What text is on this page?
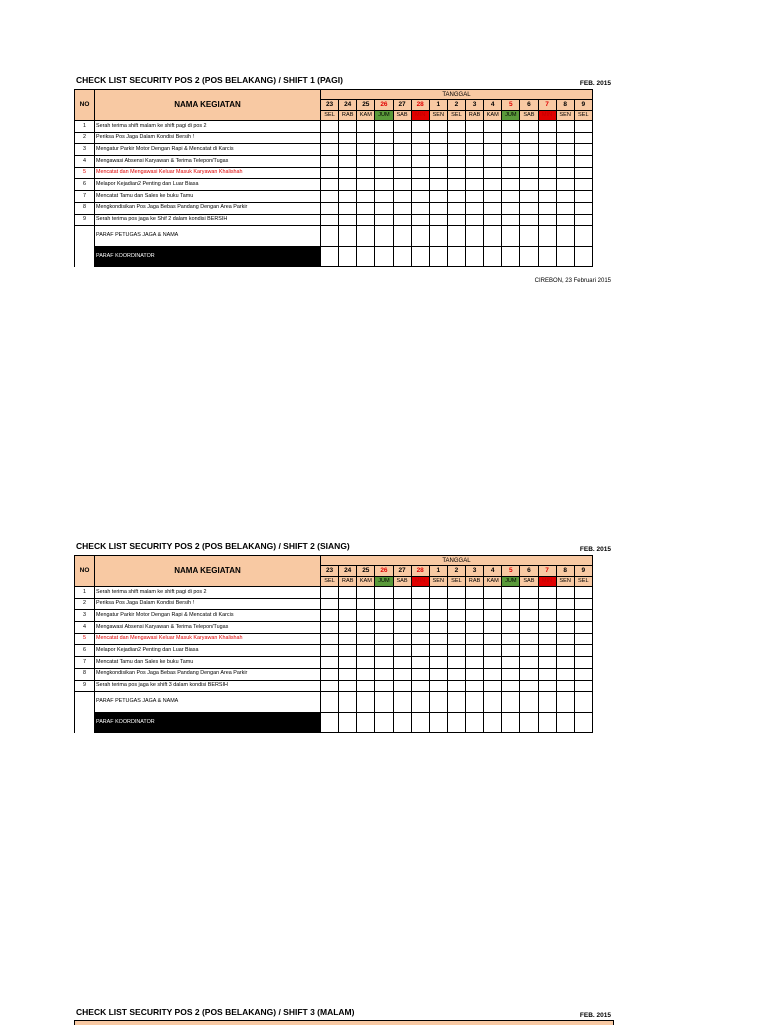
CHECK LIST SECURITY POS 2 (POS BELAKANG) / SHIFT 1 (PAGI)	FEB. 2015
NO	NAMA KEGIATAN	TANGGAL														
		23	24	25	26	27	28	1	2	3	4	5	6	7	8	9
		SEL	RAB	KAM	JUM	SAB	MIN	SEN	SEL	RAB	KAM	JUM	SAB	MIN	SEN	SEL
1	Serah terima shift malam ke shift pagi di pos 2															
2	Periksa Pos Jaga Dalam Kondisi Bersih !															
3	Mengatur Parkir Motor Dengan Rapi & Mencatat di Karcis															
4	Mengawasi Absensi Karyawan & Terima Telepon/Tugas															
5	Mencatat dan Mengawasi Keluar Masuk Karyawan Khalishah															
6	Melapor Kejadian2 Penting dan Luar Biasa															
7	Mencatat Tamu dan Sales ke buku Tamu															
8	Mengkondisikan Pos Jaga Bebas Pandang Dengan Area Parkir															
9	Serah terima pos jaga ke Shif 2 dalam kondisi BERSIH															
	PARAF PETUGAS JAGA & NAMA															
	PARAF KOORDINATOR															
CIREBON, 23 Februari 2015
CHECK LIST SECURITY POS 2 (POS BELAKANG) / SHIFT 2 (SIANG)	FEB. 2015
NO	NAMA KEGIATAN	TANGGAL														
		23	24	25	26	27	28	1	2	3	4	5	6	7	8	9
		SEL	RAB	KAM	JUM	SAB	MIN	SEN	SEL	RAB	KAM	JUM	SAB	MIN	SEN	SEL
1	Serah terima shift malam ke shift pagi di pos 2															
2	Periksa Pos Jaga Dalam Kondisi Bersih !															
3	Mengatur Parkir Motor Dengan Rapi & Mencatat di Karcis															
4	Mengawasi Absensi Karyawan & Terima Telepon/Tugas															
5	Mencatat dan Mengawasi Keluar Masuk Karyawan Khalishah															
6	Melapor Kejadian2 Penting dan Luar Biasa															
7	Mencatat Tamu dan Sales ke buku Tamu															
8	Mengkondisikan Pos Jaga Bebas Pandang Dengan Area Parkir															
9	Serah terima pos jaga ke shift 3 dalam kondisi BERSIH															
	PARAF PETUGAS JAGA & NAMA															
	PARAF KOORDINATOR															
CHECK LIST SECURITY POS 2 (POS BELAKANG) / SHIFT 3 (MALAM)	FEB. 2015
